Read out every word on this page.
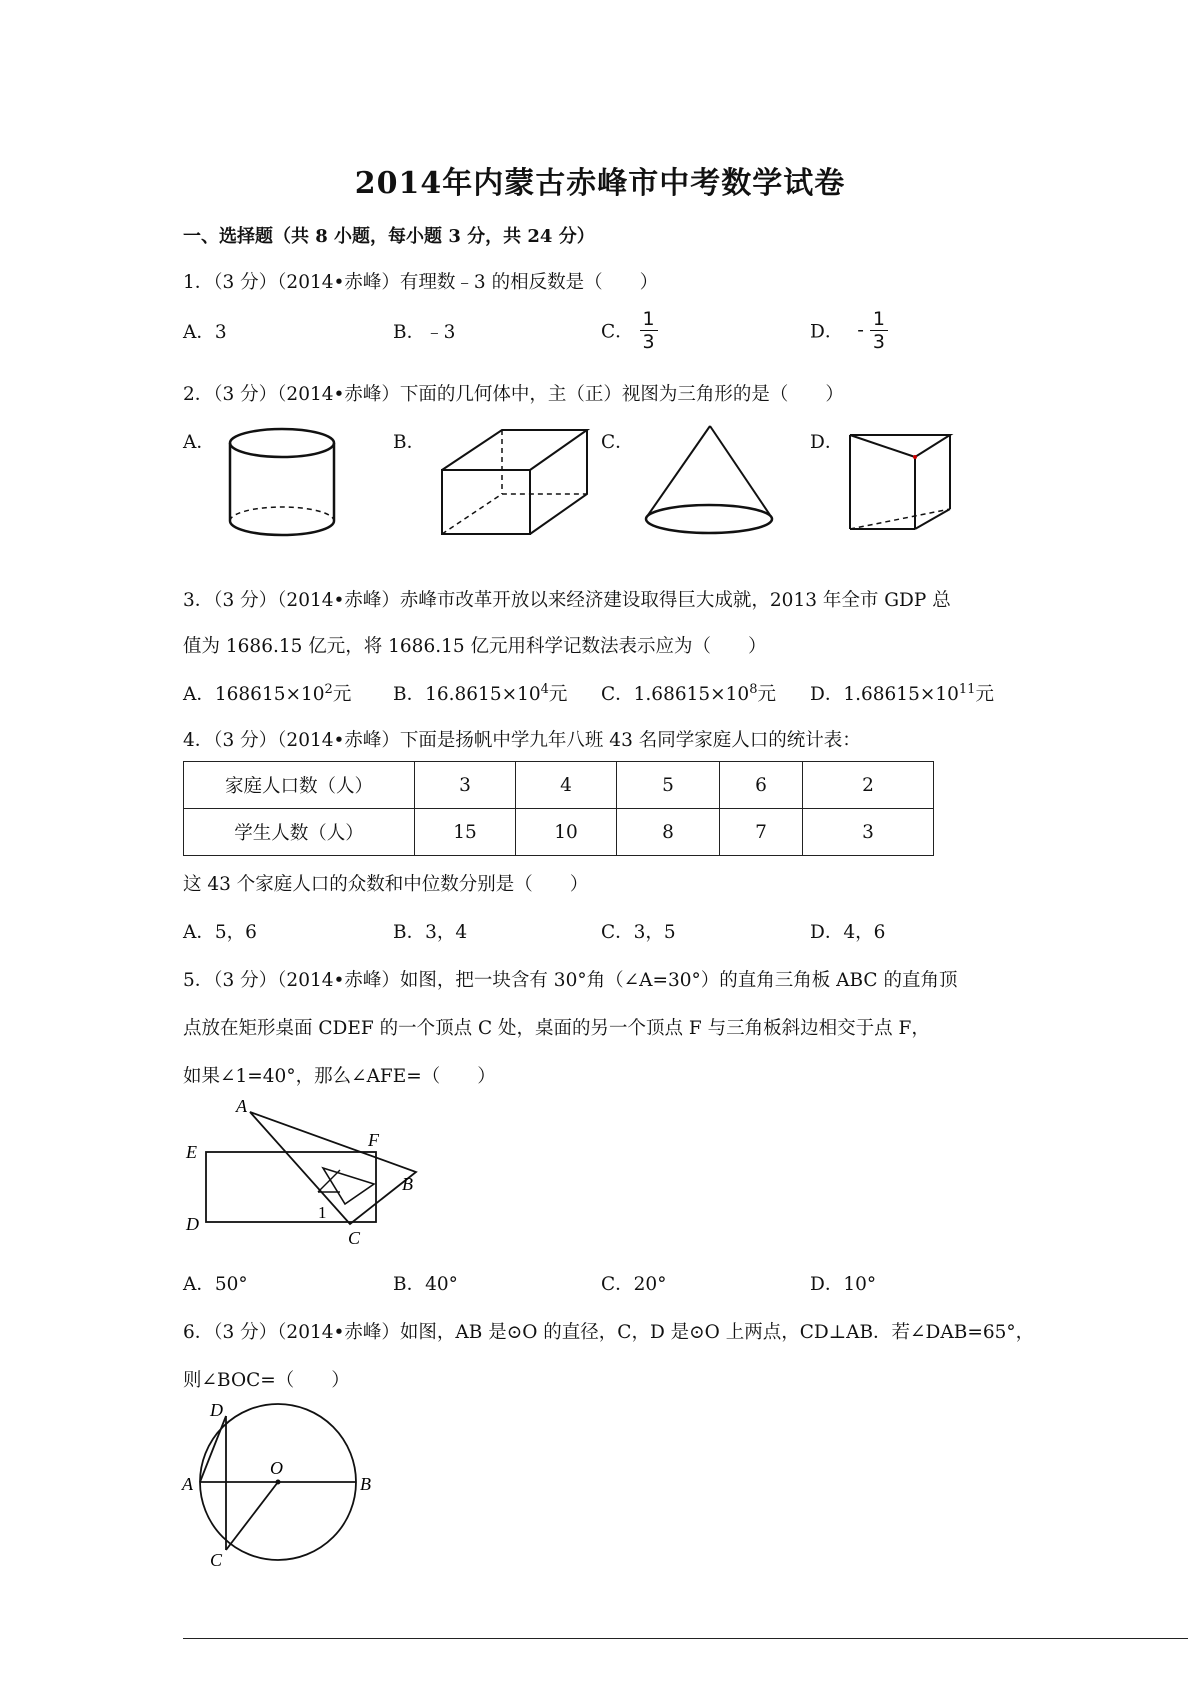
2014年内蒙古赤峰市中考数学试卷
一、选择题（共 8 小题，每小题 3 分，共 24 分）
1．（3 分）（2014•赤峰）有理数﹣3 的相反数是（　　）
A．3	B．﹣3	C． $\frac{1}{3}$	D． - $\frac{1}{3}$
2．（3 分）（2014•赤峰）下面的几何体中，主（正）视图为三角形的是（　　）
A．	B．	C．	D．
3．（3 分）（2014•赤峰）赤峰市改革开放以来经济建设取得巨大成就，2013 年全市 GDP 总
值为 1686.15 亿元，将 1686.15 亿元用科学记数法表示应为（　　）
A．$168615\times 10^2$元 B．$16.8615\times 10^4$元 C．$1.68615\times 10^8$元 D．$1.68615\times 10^{11}$元
4．（3 分）（2014•赤峰）下面是扬帆中学九年八班 43 名同学家庭人口的统计表：
家庭人口数（人）	3	4	5	6	2
学生人数（人）	15	10	8	7	3
这 43 个家庭人口的众数和中位数分别是（　　）
A．5，6	B．3，4	C．3，5	D．4，6
5．（3 分）（2014•赤峰）如图，把一块含有 30°角（∠A=30°）的直角三角板 ABC 的直角顶
点放在矩形桌面 CDEF 的一个顶点 C 处，桌面的另一个顶点 F 与三角板斜边相交于点 F，
如果∠1=40°，那么∠AFE=（　　）
A
E
F
B
D
C
1
A．50°	B．40°	C．20°	D．10°
6．（3 分）（2014•赤峰）如图，AB 是⊙O 的直径，C，D 是⊙O 上两点，CD⊥AB．若∠DAB=65°，
则∠BOC=（　　）
D
A
O
B
C
